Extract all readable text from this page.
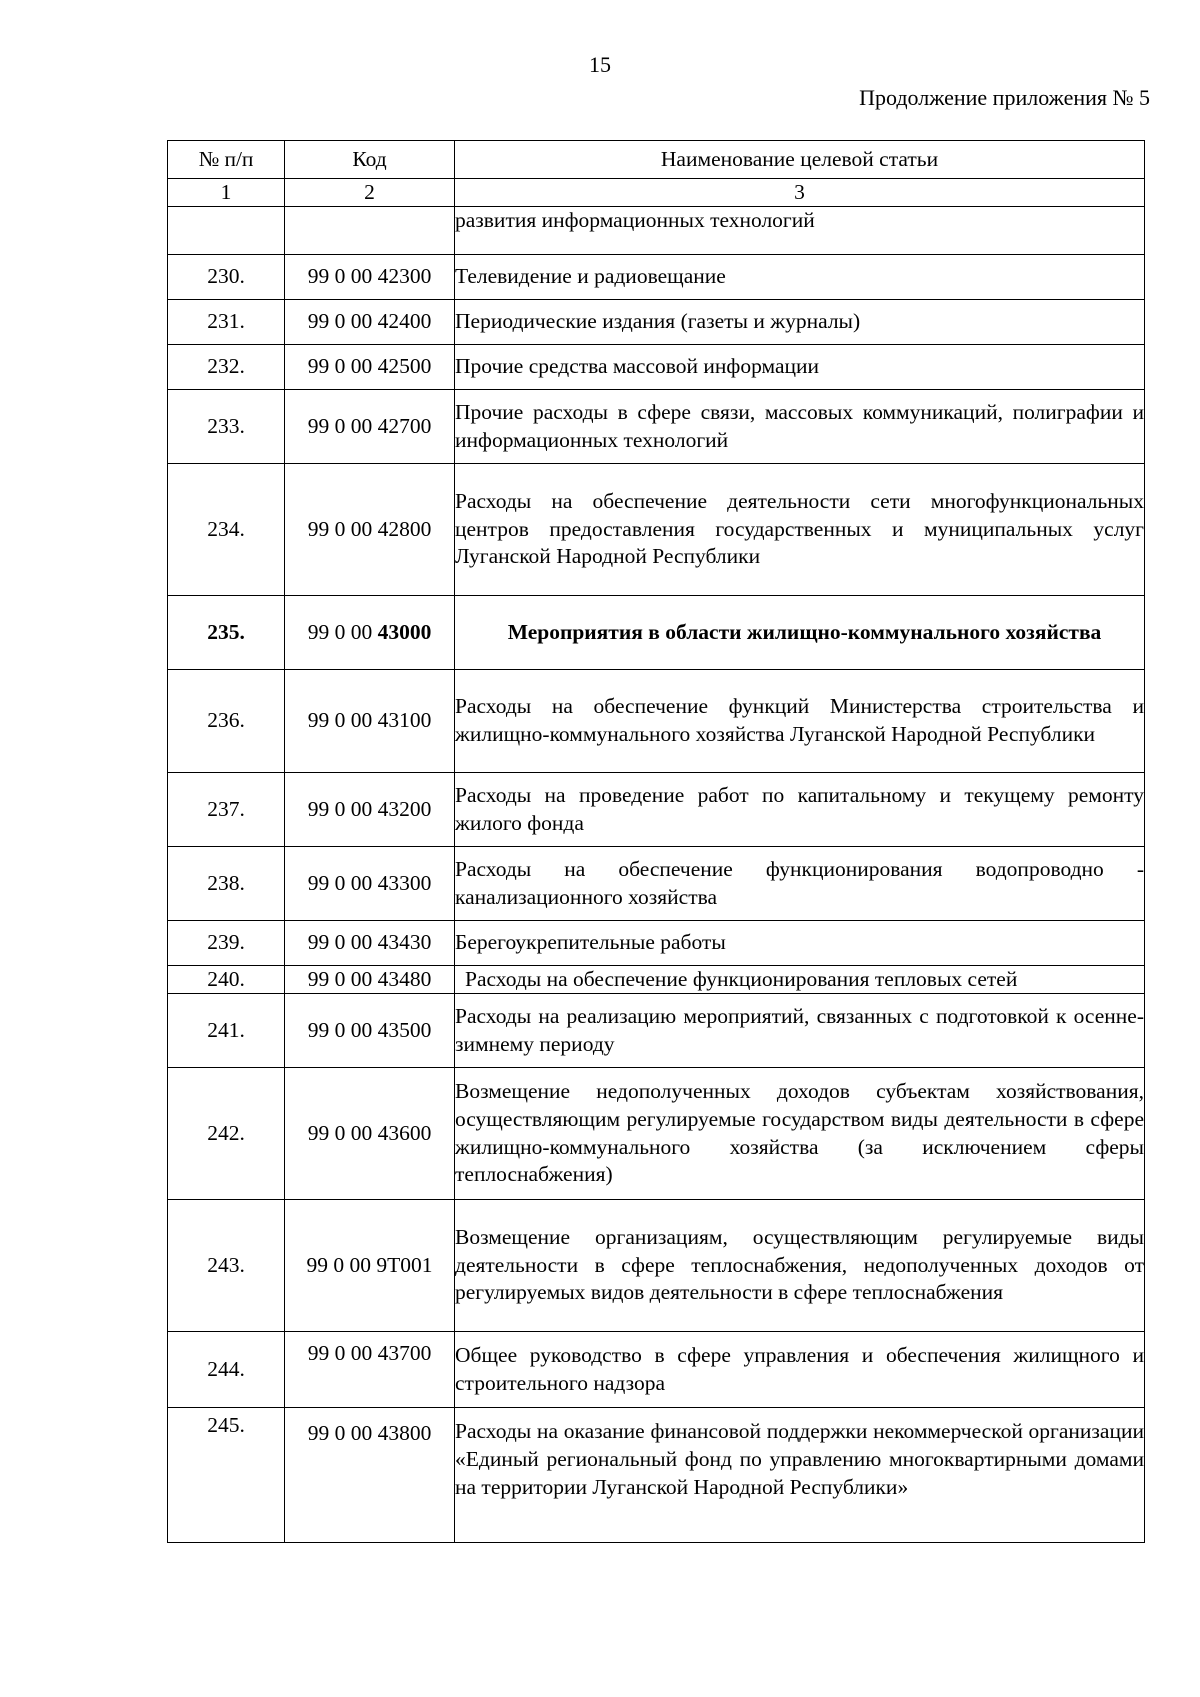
15
Продолжение приложения № 5
№ п/п	Код	Наименование целевой статьи
1	2	3
		развития информационных технологий
230.	99 0 00 42300	Телевидение и радиовещание
231.	99 0 00 42400	Периодические издания (газеты и журналы)
232.	99 0 00 42500	Прочие средства массовой информации
233.	99 0 00 42700	Прочие расходы в сфере связи, массовых коммуникаций, полиграфии и информационных технологий
234.	99 0 00 42800	Расходы на обеспечение деятельности сети многофункциональных центров предоставления государственных и муниципальных услуг Луганской Народной Республики
235.	99 0 00 43000	Мероприятия в области жилищно-коммунального хозяйства
236.	99 0 00 43100	Расходы на обеспечение функций Министерства строительства и жилищно-коммунального хозяйства Луганской Народной Республики
237.	99 0 00 43200	Расходы на проведение работ по капитальному и текущему ремонту жилого фонда
238.	99 0 00 43300	Расходы на обеспечение функционирования водопроводно - канализационного хозяйства
239.	99 0 00 43430	Берегоукрепительные работы
240.	99 0 00 43480	Расходы на обеспечение функционирования тепловых сетей
241.	99 0 00 43500	Расходы на реализацию мероприятий, связанных с подготовкой к осенне-зимнему периоду
242.	99 0 00 43600	Возмещение недополученных доходов субъектам хозяйствования, осуществляющим регулируемые государством виды деятельности в сфере жилищно-коммунального хозяйства (за исключением сферы теплоснабжения)
243.	99 0 00 9Т001	Возмещение организациям, осуществляющим регулируемые виды деятельности в сфере теплоснабжения, недополученных доходов от регулируемых видов деятельности в сфере теплоснабжения
244.	99 0 00 43700	Общее руководство в сфере управления и обеспечения жилищного и строительного надзора
245.	99 0 00 43800	Расходы на оказание финансовой поддержки некоммерческой организации «Единый региональный фонд по управлению многоквартирными домами на территории Луганской Народной Республики»
